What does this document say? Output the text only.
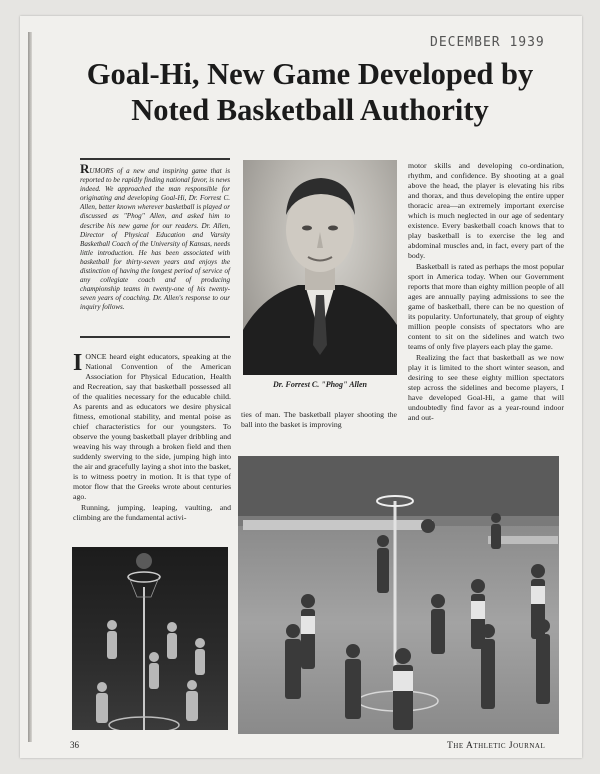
DECEMBER 1939
Goal-Hi, New Game Developed by
Noted Basketball Authority

RUMORS of a new and inspiring game that is reported to be rapidly finding national favor, is news indeed. We approached the man responsible for originating and developing Goal-Hi, Dr. Forrest C. Allen, better known wherever basketball is played or discussed as "Phog" Allen, and asked him to describe his new game for our readers. Dr. Allen, Director of Physical Education and Varsity Basketball Coach of the University of Kansas, needs little introduction. He has been associated with basketball for thirty-seven years and enjoys the distinction of having the longest period of service of any collegiate coach and of producing championship teams in twenty-one of his twenty-seven years of coaching. Dr. Allen's response to our inquiry follows.

Dr. Forrest C. "Phog" Allen

motor skills and developing co-ordination, rhythm, and confidence. By shooting at a goal above the head, the player is elevating his ribs and thorax, and thus developing the entire upper thoracic area—an extremely important exercise which is much neglected in our age of sedentary existence. Every basketball coach knows that to play basketball is to exercise the leg and abdominal muscles and, in fact, every part of the body.

Basketball is rated as perhaps the most popular sport in America today. When our Government reports that more than eighty million people of all ages are annually paying admissions to see the game of basketball, there can be no question of its popularity. Unfortunately, that group of eighty million people consists of spectators who are content to sit on the sidelines and watch two teams of only five players each play the game.

Realizing the fact that basketball as we now play it is limited to the short winter season, and desiring to see these eighty million spectators step across the sidelines and become players, I have developed Goal-Hi, a game that will undoubtedly find favor as a year-round indoor and out-

IONCE heard eight educators, speaking at the National Convention of the American Association for Physical Education, Health and Recreation, say that basketball possessed all of the qualities necessary for the educable child. As parents and as educators we desire physical fitness, emotional stability, and mental poise as chief characteristics for our youngsters. To observe the young basketball player dribbling and weaving his way through a broken field and then suddenly swerving to the side, jumping high into the air and gracefully laying a shot into the basket, is to witness poetry in motion. It is that type of motor flow that the Greeks wrote about centuries ago.

Running, jumping, leaping, vaulting, and climbing are the fundamental activi-

ties of man. The basketball player shooting the ball into the basket is improving

36	The Athletic Journal
